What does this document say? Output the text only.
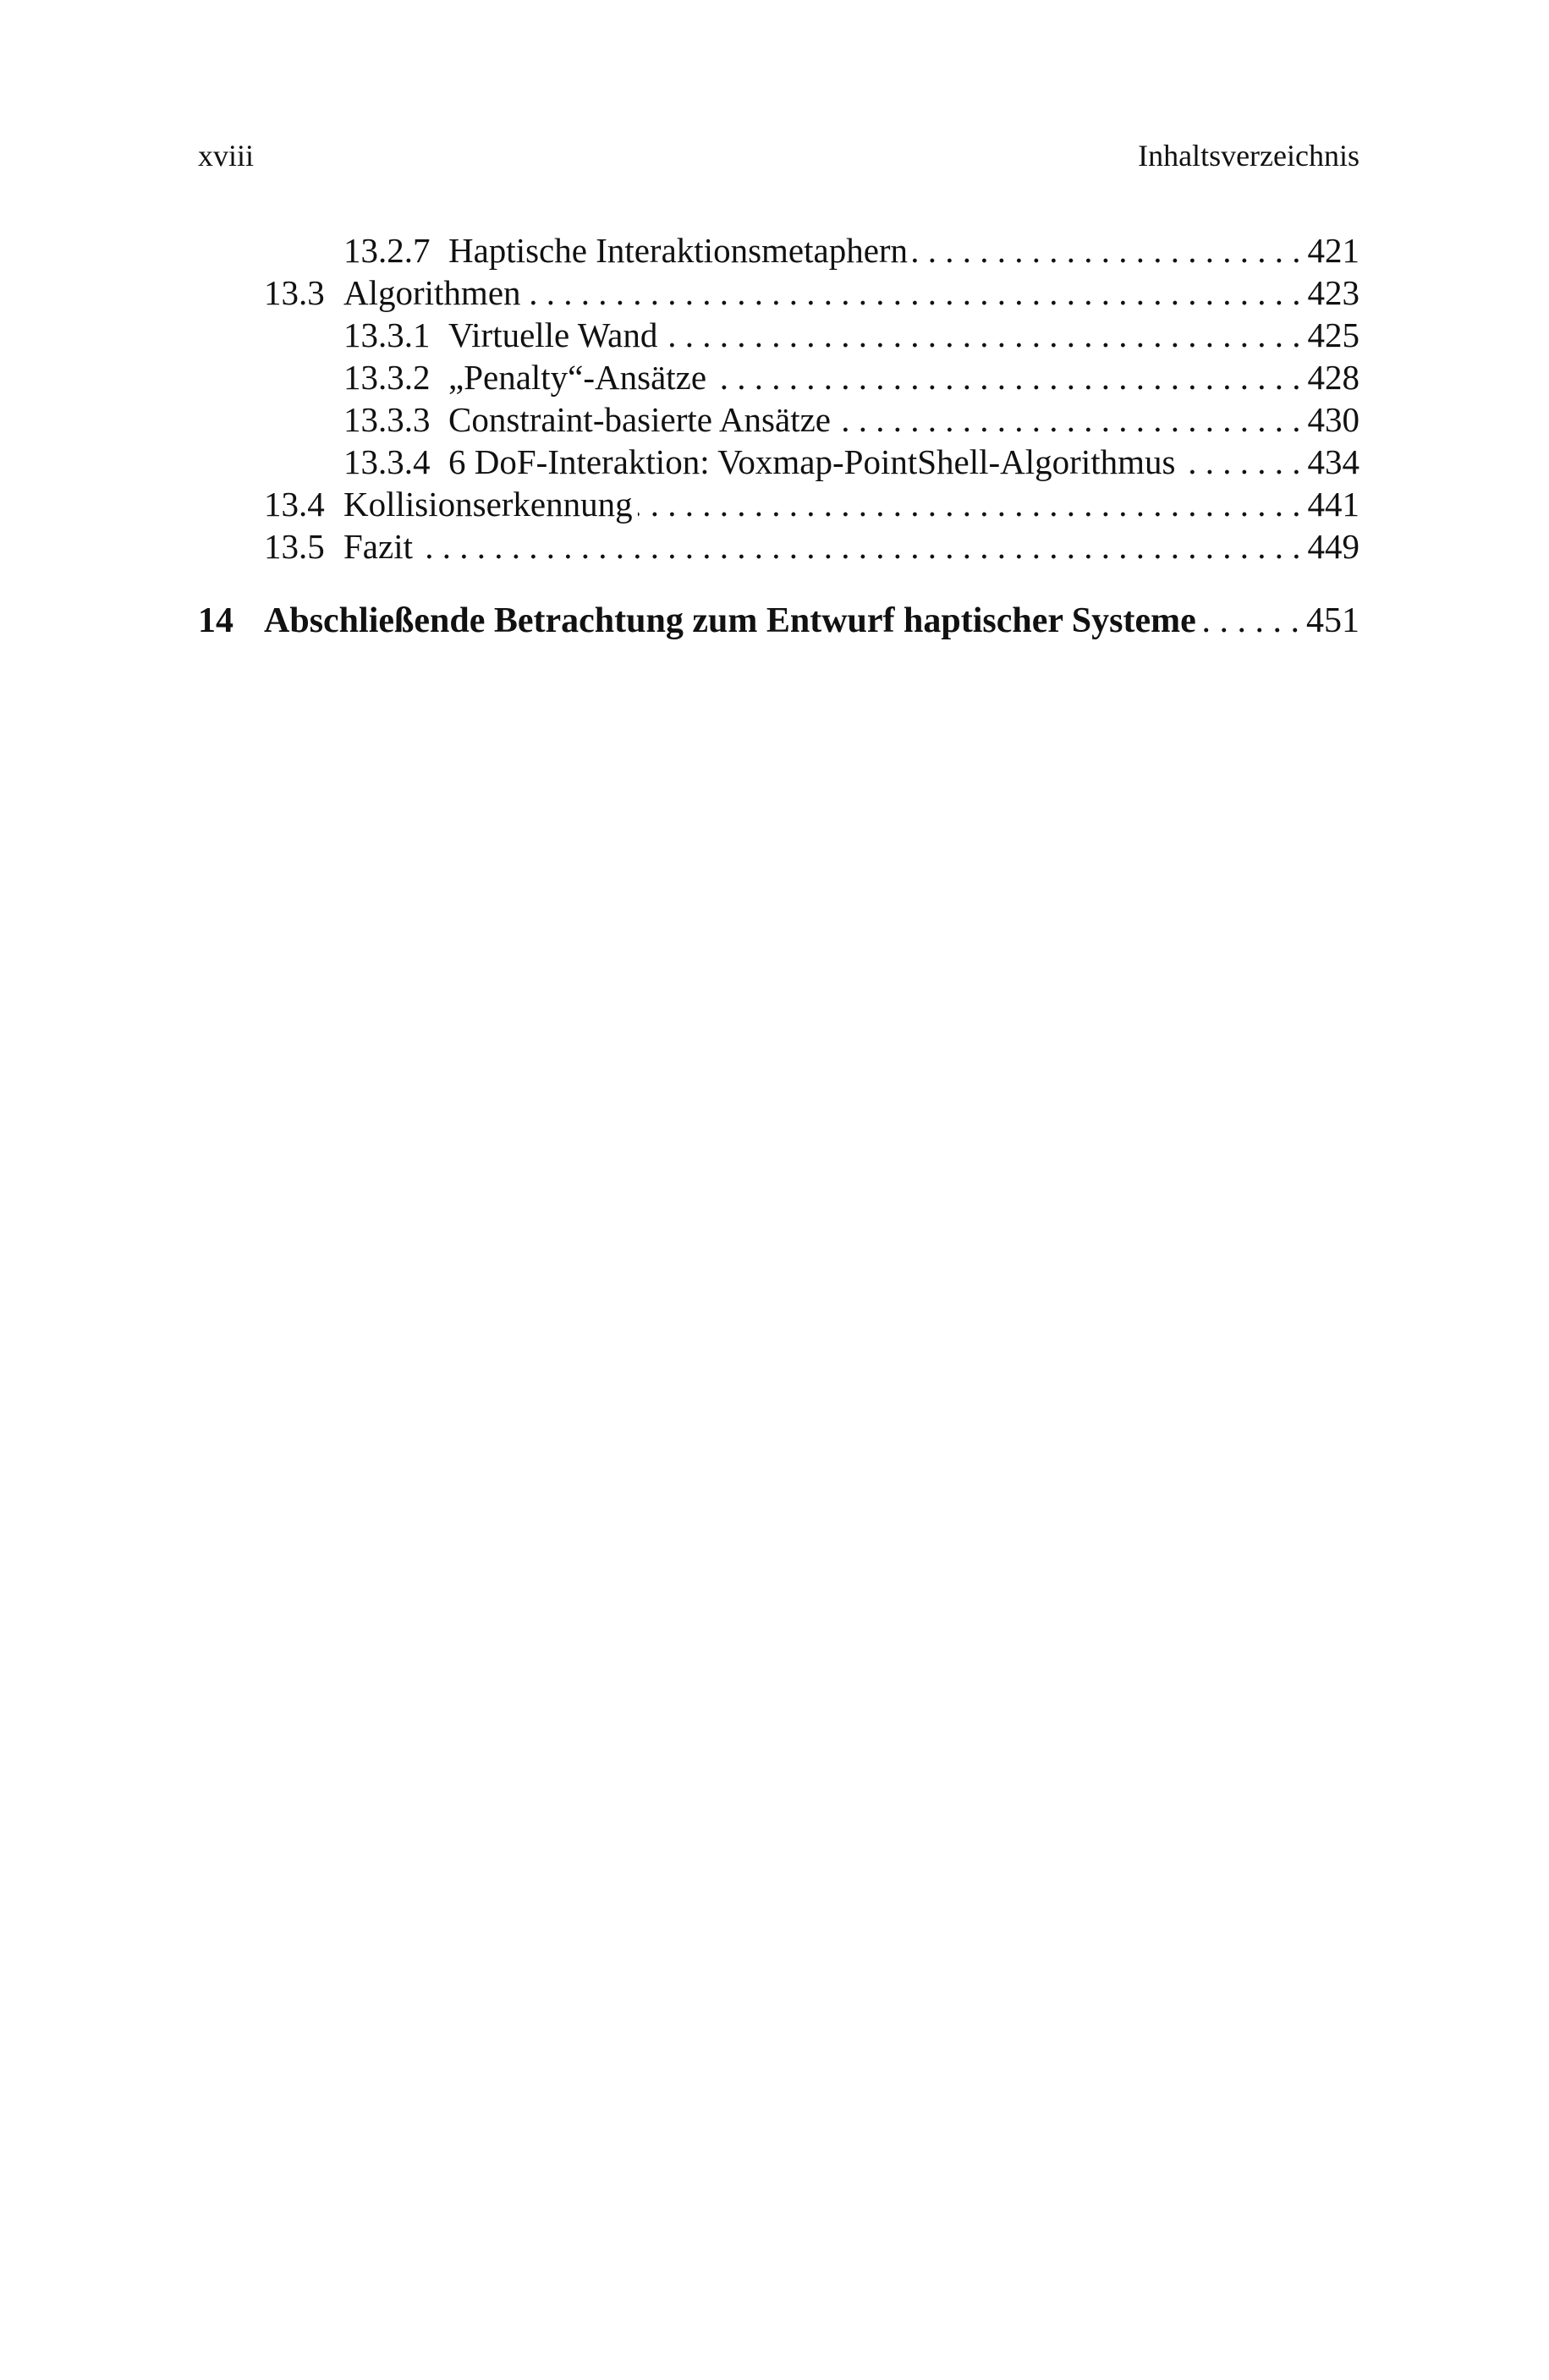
xviii	Inhaltsverzeichnis
13.2.7 Haptische Interaktionsmetaphern . . .	421
13.3 Algorithmen . . .	423
13.3.1 Virtuelle Wand . . .	425
13.3.2 „Penalty“-Ansätze . . .	428
13.3.3 Constraint-basierte Ansätze . . .	430
13.3.4 6 DoF-Interaktion: Voxmap-PointShell-Algorithmus . . .	434
13.4 Kollisionserkennung . . .	441
13.5 Fazit . . .	449
14 Abschließende Betrachtung zum Entwurf haptischer Systeme . . .	451
